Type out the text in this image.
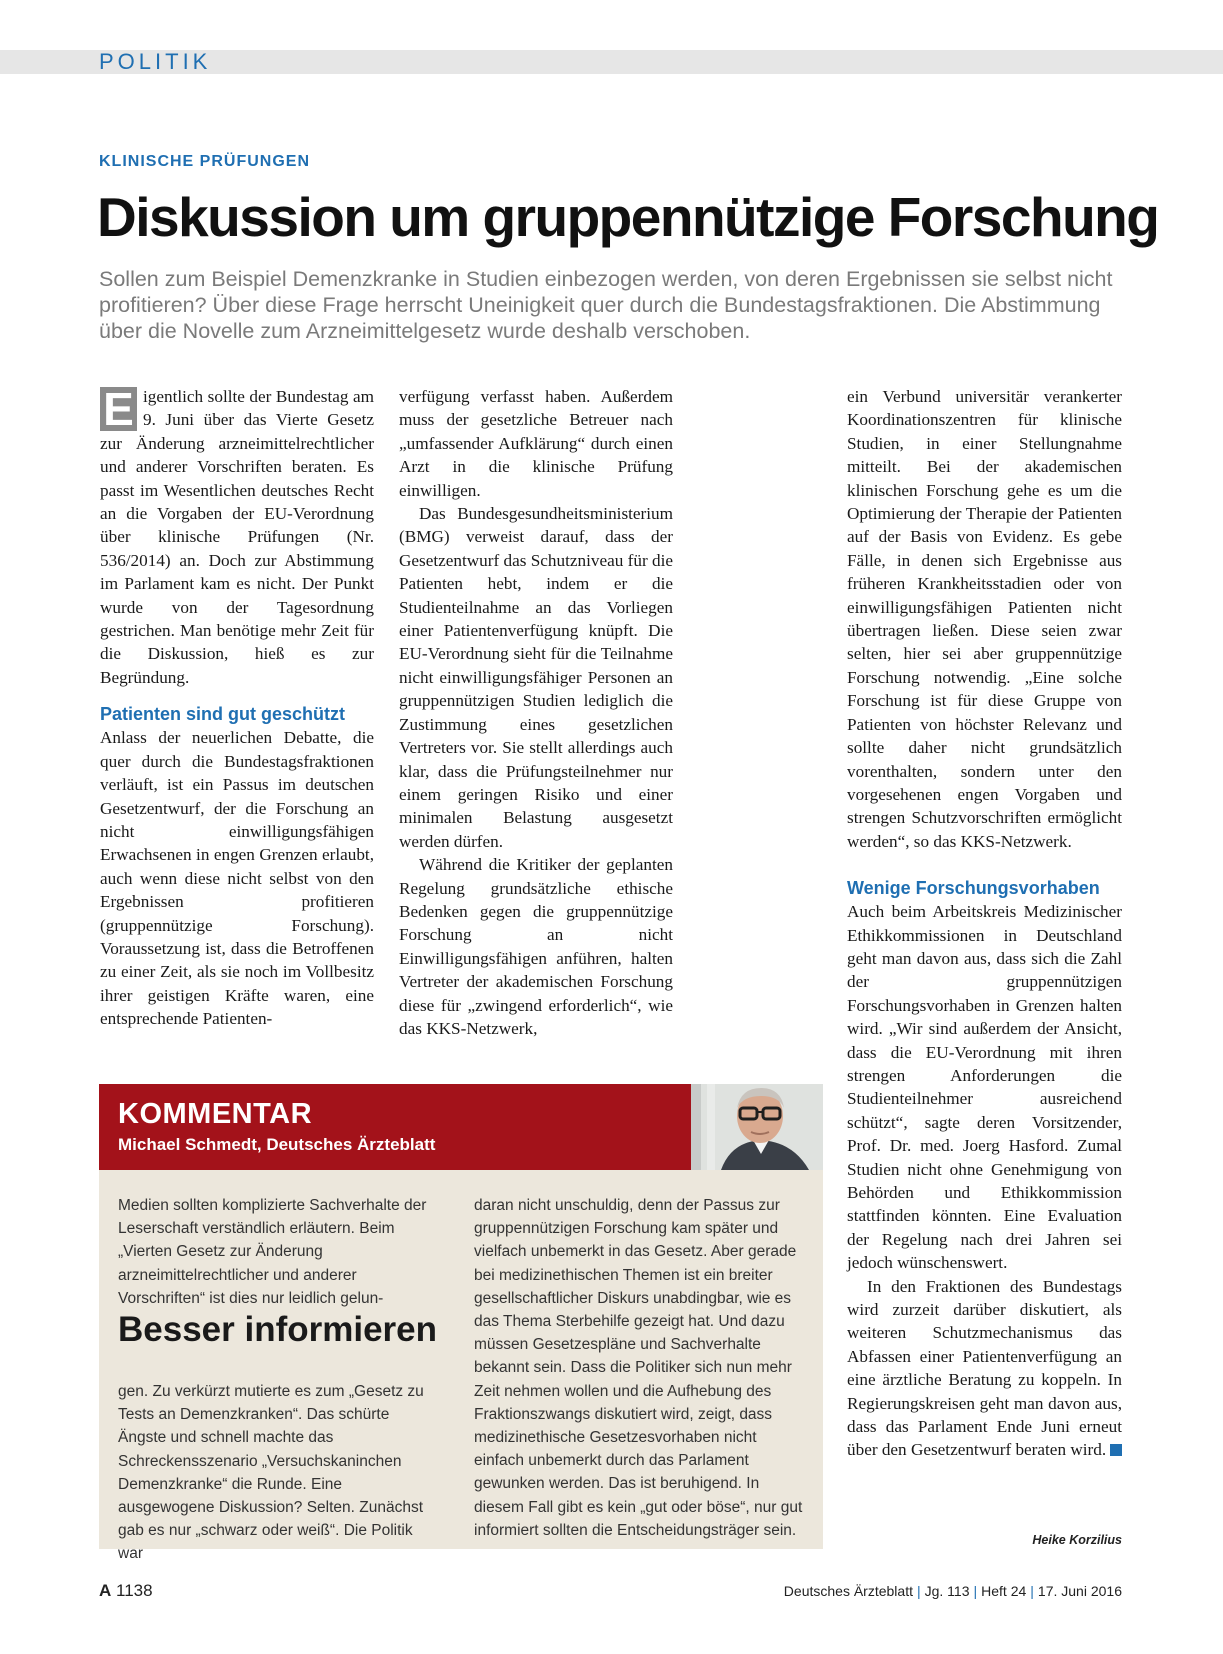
POLITIK
KLINISCHE PRÜFUNGEN
Diskussion um gruppennützige Forschung
Sollen zum Beispiel Demenzkranke in Studien einbezogen werden, von deren Ergebnissen sie selbst nicht profitieren? Über diese Frage herrscht Uneinigkeit quer durch die Bundestagsfraktionen. Die Abstimmung über die Novelle zum Arzneimittelgesetz wurde deshalb verschoben.

E igentlich sollte der Bundestag am 9. Juni über das Vierte Gesetz zur Änderung arzneimittelrechtlicher und anderer Vorschriften beraten. Es passt im Wesentlichen deutsches Recht an die Vorgaben der EU-Verordnung über klinische Prüfungen (Nr. 536/2014) an. Doch zur Abstimmung im Parlament kam es nicht. Der Punkt wurde von der Tagesordnung gestrichen. Man benötige mehr Zeit für die Diskussion, hieß es zur Begründung.

Patienten sind gut geschützt

Anlass der neuerlichen Debatte, die quer durch die Bundestagsfraktionen verläuft, ist ein Passus im deutschen Gesetzentwurf, der die Forschung an nicht einwilligungsfähigen Erwachsenen in engen Grenzen erlaubt, auch wenn diese nicht selbst von den Ergebnissen profitieren (gruppennützige Forschung). Voraussetzung ist, dass die Betroffenen zu einer Zeit, als sie noch im Vollbesitz ihrer geistigen Kräfte waren, eine entsprechende Patienten-

verfügung verfasst haben. Außerdem muss der gesetzliche Betreuer nach „umfassender Aufklärung“ durch einen Arzt in die klinische Prüfung einwilligen.

Das Bundesgesundheitsministerium (BMG) verweist darauf, dass der Gesetzentwurf das Schutzniveau für die Patienten hebt, indem er die Studienteilnahme an das Vorliegen einer Patientenverfügung knüpft. Die EU-Verordnung sieht für die Teilnahme nicht einwilligungsfähiger Personen an gruppennützigen Studien lediglich die Zustimmung eines gesetzlichen Vertreters vor. Sie stellt allerdings auch klar, dass die Prüfungsteilnehmer nur einem geringen Risiko und einer minimalen Belastung ausgesetzt werden dürfen.

Während die Kritiker der geplanten Regelung grundsätzliche ethische Bedenken gegen die gruppennützige Forschung an nicht Einwilligungsfähigen anführen, halten Vertreter der akademischen Forschung diese für „zwingend erforderlich“, wie das KKS-Netzwerk,

ein Verbund universitär verankerter Koordinationszentren für klinische Studien, in einer Stellungnahme mitteilt. Bei der akademischen klinischen Forschung gehe es um die Optimierung der Therapie der Patienten auf der Basis von Evidenz. Es gebe Fälle, in denen sich Ergebnisse aus früheren Krankheitsstadien oder von einwilligungsfähigen Patienten nicht übertragen ließen. Diese seien zwar selten, hier sei aber gruppennützige Forschung notwendig. „Eine solche Forschung ist für diese Gruppe von Patienten von höchster Relevanz und sollte daher nicht grundsätzlich vorenthalten, sondern unter den vorgesehenen engen Vorgaben und strengen Schutzvorschriften ermöglicht werden“, so das KKS-Netzwerk.

Wenige Forschungsvorhaben

Auch beim Arbeitskreis Medizinischer Ethikkommissionen in Deutschland geht man davon aus, dass sich die Zahl der gruppennützigen Forschungsvorhaben in Grenzen halten wird. „Wir sind außerdem der Ansicht, dass die EU-Verordnung mit ihren strengen Anforderungen die Studienteilnehmer ausreichend schützt“, sagte deren Vorsitzender, Prof. Dr. med. Joerg Hasford. Zumal Studien nicht ohne Genehmigung von Behörden und Ethikkommission stattfinden könnten. Eine Evaluation der Regelung nach drei Jahren sei jedoch wünschenswert.

In den Fraktionen des Bundestags wird zurzeit darüber diskutiert, als weiteren Schutzmechanismus das Abfassen einer Patientenverfügung an eine ärztliche Beratung zu koppeln. In Regierungskreisen geht man davon aus, dass das Parlament Ende Juni erneut über den Gesetzentwurf beraten wird.

Heike Korzilius
KOMMENTAR
Michael Schmedt, Deutsches Ärzteblatt
Medien sollten komplizierte Sachverhalte der Leserschaft verständlich erläutern. Beim „Vierten Gesetz zur Änderung arzneimittelrechtlicher und anderer Vorschriften“ ist dies nur leidlich gelun-
Besser informieren
gen. Zu verkürzt mutierte es zum „Gesetz zu Tests an Demenzkranken“. Das schürte Ängste und schnell machte das Schreckensszenario „Versuchskaninchen Demenzkranke“ die Runde. Eine ausgewogene Diskussion? Selten. Zunächst gab es nur „schwarz oder weiß“. Die Politik war
daran nicht unschuldig, denn der Passus zur gruppennützigen Forschung kam später und vielfach unbemerkt in das Gesetz. Aber gerade bei medizinethischen Themen ist ein breiter gesellschaftlicher Diskurs unabdingbar, wie es das Thema Sterbehilfe gezeigt hat. Und dazu müssen Gesetzespläne und Sachverhalte bekannt sein. Dass die Politiker sich nun mehr Zeit nehmen wollen und die Aufhebung des Fraktionszwangs diskutiert wird, zeigt, dass medizinethische Gesetzesvorhaben nicht einfach unbemerkt durch das Parlament gewunken werden. Das ist beruhigend. In diesem Fall gibt es kein „gut oder böse“, nur gut informiert sollten die Entscheidungsträger sein.
A 1138	Deutsches Ärzteblatt | Jg. 113 | Heft 24 | 17. Juni 2016
